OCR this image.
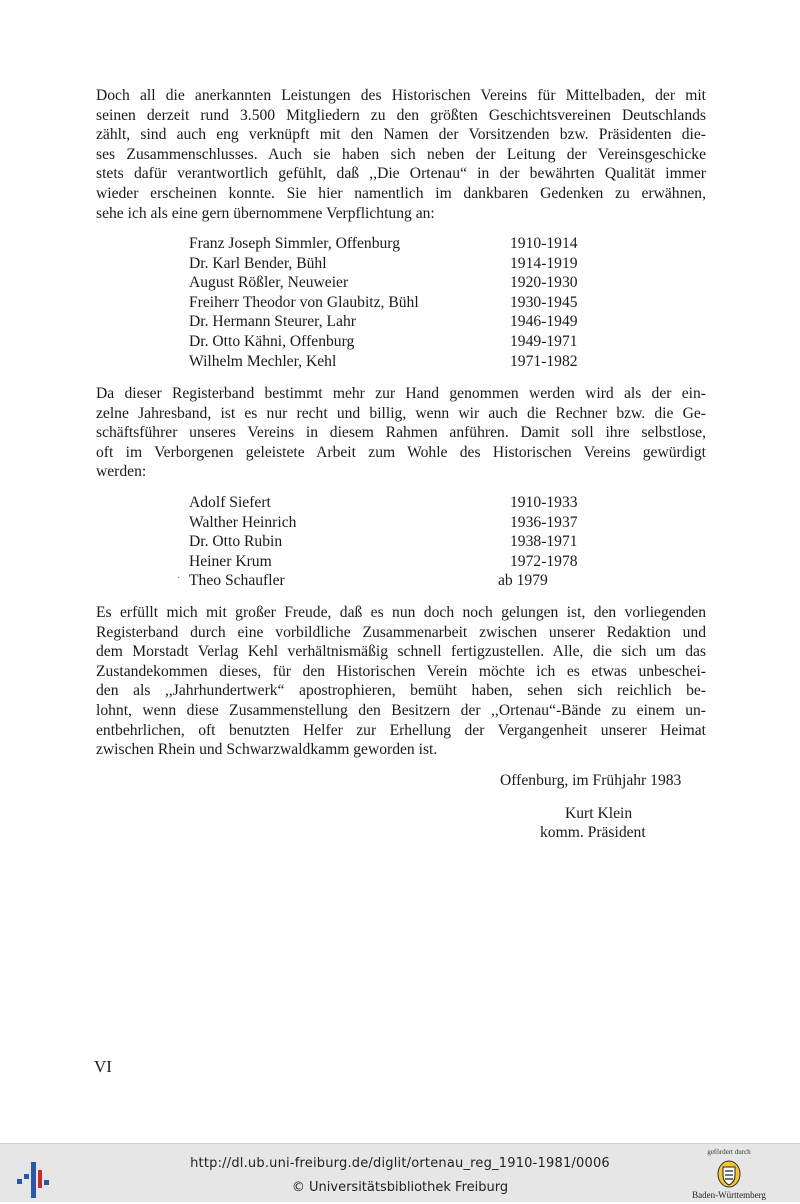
Doch all die anerkannten Leistungen des Historischen Vereins für Mittelbaden, der mit
seinen derzeit rund 3.500 Mitgliedern zu den größten Geschichtsvereinen Deutschlands
zählt, sind auch eng verknüpft mit den Namen der Vorsitzenden bzw. Präsidenten die-
ses Zusammenschlusses. Auch sie haben sich neben der Leitung der Vereinsgeschicke
stets dafür verantwortlich gefühlt, daß ,,Die Ortenau“ in der bewährten Qualität immer
wieder erscheinen konnte. Sie hier namentlich im dankbaren Gedenken zu erwähnen,
sehe ich als eine gern übernommene Verpflichtung an:

Franz Joseph Simmler, Offenburg	1910-1914
Dr. Karl Bender, Bühl	1914-1919
August Rößler, Neuweier	1920-1930
Freiherr Theodor von Glaubitz, Bühl	1930-1945
Dr. Hermann Steurer, Lahr	1946-1949
Dr. Otto Kähni, Offenburg	1949-1971
Wilhelm Mechler, Kehl	1971-1982

Da dieser Registerband bestimmt mehr zur Hand genommen werden wird als der ein-
zelne Jahresband, ist es nur recht und billig, wenn wir auch die Rechner bzw. die Ge-
schäftsführer unseres Vereins in diesem Rahmen anführen. Damit soll ihre selbstlose,
oft im Verborgenen geleistete Arbeit zum Wohle des Historischen Vereins gewürdigt
werden:

Adolf Siefert	1910-1933
Walther Heinrich	1936-1937
Dr. Otto Rubin	1938-1971
Heiner Krum	1972-1978
· Theo Schaufler	ab 1979

Es erfüllt mich mit großer Freude, daß es nun doch noch gelungen ist, den vorliegenden
Registerband durch eine vorbildliche Zusammenarbeit zwischen unserer Redaktion und
dem Morstadt Verlag Kehl verhältnismäßig schnell fertigzustellen. Alle, die sich um das
Zustandekommen dieses, für den Historischen Verein möchte ich es etwas unbeschei-
den als ,,Jahrhundertwerk“ apostrophieren, bemüht haben, sehen sich reichlich be-
lohnt, wenn diese Zusammenstellung den Besitzern der ,,Ortenau“-Bände zu einem un-
entbehrlichen, oft benutzten Helfer zur Erhellung der Vergangenheit unserer Heimat
zwischen Rhein und Schwarzwaldkamm geworden ist.

Offenburg, im Frühjahr 1983
Kurt Klein
komm. Präsident
VI
http://dl.ub.uni-freiburg.de/diglit/ortenau_reg_1910-1981/0006
© Universitätsbibliothek Freiburg
gefördert durch
Baden-Württemberg
